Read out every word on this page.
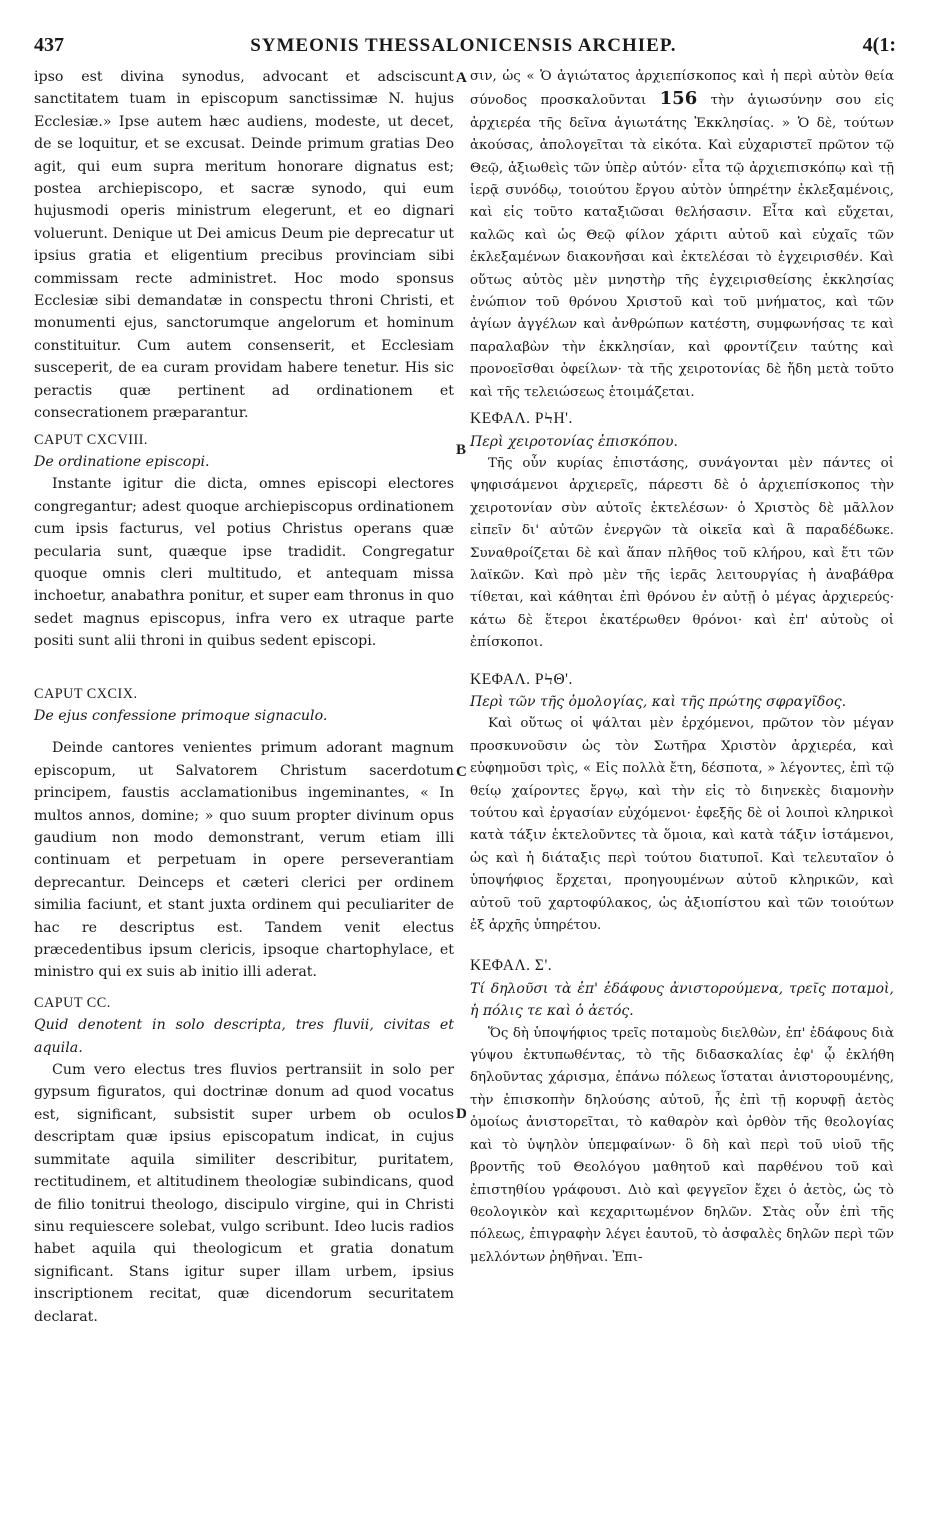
437	SYMEONIS THESSALONICENSIS ARCHIEP.	4(1:
A
B
C
D

ipso est divina synodus, advocant et adsciscunt sanctitatem tuam in episcopum sanctissimæ N. hujus Ecclesiæ.» Ipse autem hæc audiens, modeste, ut decet, de se loquitur, et se excusat. Deinde primum gratias Deo agit, qui eum supra meritum honorare dignatus est; postea archiepiscopo, et sacræ synodo, qui eum hujusmodi operis ministrum elegerunt, et eo dignari voluerunt. Denique ut Dei amicus Deum pie deprecatur ut ipsius gratia et eligentium precibus provinciam sibi commissam recte administret. Hoc modo sponsus Ecclesiæ sibi demandatæ in conspectu throni Christi, et monumenti ejus, sanctorumque angelorum et hominum constituitur. Cum autem consenserit, et Ecclesiam susceperit, de ea curam providam habere tenetur. His sic peractis quæ pertinent ad ordinationem et consecrationem præparantur.

CAPUT CXCVIII.

De ordinatione episcopi.

Instante igitur die dicta, omnes episcopi electores congregantur; adest quoque archiepiscopus ordinationem cum ipsis facturus, vel potius Christus operans quæ pecularia sunt, quæque ipse tradidit. Congregatur quoque omnis cleri multitudo, et antequam missa inchoetur, anabathra ponitur, et super eam thronus in quo sedet magnus episcopus, infra vero ex utraque parte positi sunt alii throni in quibus sedent episcopi.

CAPUT CXCIX.

De ejus confessione primoque signaculo.

Deinde cantores venientes primum adorant magnum episcopum, ut Salvatorem Christum sacerdotum principem, faustis acclamationibus ingeminantes, « In multos annos, domine; » quo suum propter divinum opus gaudium non modo demonstrant, verum etiam illi continuam et perpetuam in opere perseverantiam deprecantur. Deinceps et cæteri clerici per ordinem similia faciunt, et stant juxta ordinem qui peculiariter de hac re descriptus est. Tandem venit electus præcedentibus ipsum clericis, ipsoque chartophylace, et ministro qui ex suis ab initio illi aderat.

CAPUT CC.

Quid denotent in solo descripta, tres fluvii, civitas et aquila.

Cum vero electus tres fluvios pertransiit in solo per gypsum figuratos, qui doctrinæ donum ad quod vocatus est, significant, subsistit super urbem ob oculos descriptam quæ ipsius episcopatum indicat, in cujus summitate aquila similiter describitur, puritatem, rectitudinem, et altitudinem theologiæ subindicans, quod de filio tonitrui theologo, discipulo virgine, qui in Christi sinu requiescere solebat, vulgo scribunt. Ideo lucis radios habet aquila qui theologicum et gratia donatum significant. Stans igitur super illam urbem, ipsius inscriptionem recitat, quæ dicendorum securitatem declarat.

σιν, ὡς « Ὁ ἁγιώτατος ἀρχιεπίσκοπος καὶ ἡ περὶ αὐτὸν θεία σύνοδος προσκαλοῦνται 156 τὴν ἁγιωσύνην σου εἰς ἀρχιερέα τῆς δεῖνα ἁγιωτάτης Ἐκκλησίας. » Ὁ δὲ, τούτων ἀκούσας, ἀπολογεῖται τὰ εἰκότα. Καὶ εὐχαριστεῖ πρῶτον τῷ Θεῷ, ἀξιωθεὶς τῶν ὑπὲρ αὐτόν· εἶτα τῷ ἀρχιεπισκόπῳ καὶ τῇ ἱερᾷ συνόδῳ, τοιούτου ἔργου αὐτὸν ὑπηρέτην ἐκλεξαμένοις, καὶ εἰς τοῦτο καταξιῶσαι θελήσασιν. Εἶτα καὶ εὔχεται, καλῶς καὶ ὡς Θεῷ φίλον χάριτι αὐτοῦ καὶ εὐχαῖς τῶν ἐκλεξαμένων διακονῆσαι καὶ ἐκτελέσαι τὸ ἐγχειρισθέν. Καὶ οὕτως αὐτὸς μὲν μνηστὴρ τῆς ἐγχειρισθείσης ἐκκλησίας ἐνώπιον τοῦ θρόνου Χριστοῦ καὶ τοῦ μνήματος, καὶ τῶν ἁγίων ἀγγέλων καὶ ἀνθρώπων κατέστη, συμφωνήσας τε καὶ παραλαβὼν τὴν ἐκκλησίαν, καὶ φροντίζειν ταύτης καὶ προνοεῖσθαι ὀφείλων· τὰ τῆς χειροτονίας δὲ ἤδη μετὰ τοῦτο καὶ τῆς τελειώσεως ἑτοιμάζεται.

ΚΕΦΑΛ. ΡϞΗ'.

Περὶ χειροτονίας ἐπισκόπου.

Τῆς οὖν κυρίας ἐπιστάσης, συνάγονται μὲν πάντες οἱ ψηφισάμενοι ἀρχιερεῖς, πάρεστι δὲ ὁ ἀρχιεπίσκοπος τὴν χειροτονίαν σὺν αὐτοῖς ἐκτελέσων· ὁ Χριστὸς δὲ μᾶλλον εἰπεῖν δι' αὐτῶν ἐνεργῶν τὰ οἰκεῖα καὶ ἃ παραδέδωκε. Συναθροίζεται δὲ καὶ ἅπαν πλῆθος τοῦ κλήρου, καὶ ἔτι τῶν λαϊκῶν. Καὶ πρὸ μὲν τῆς ἱερᾶς λειτουργίας ἡ ἀναβάθρα τίθεται, καὶ κάθηται ἐπὶ θρόνου ἐν αὐτῇ ὁ μέγας ἀρχιερεύς· κάτω δὲ ἕτεροι ἑκατέρωθεν θρόνοι· καὶ ἐπ' αὐτοὺς οἱ ἐπίσκοποι.

ΚΕΦΑΛ. ΡϞΘ'.

Περὶ τῶν τῆς ὁμολογίας, καὶ τῆς πρώτης σφραγῖδος.

Καὶ οὕτως οἱ ψάλται μὲν ἐρχόμενοι, πρῶτον τὸν μέγαν προσκυνοῦσιν ὡς τὸν Σωτῆρα Χριστὸν ἀρχιερέα, καὶ εὐφημοῦσι τρὶς, « Εἰς πολλὰ ἔτη, δέσποτα, » λέγοντες, ἐπὶ τῷ θείῳ χαίροντες ἔργῳ, καὶ τὴν εἰς τὸ διηνεκὲς διαμονὴν τούτου καὶ ἐργασίαν εὐχόμενοι· ἐφεξῆς δὲ οἱ λοιποὶ κληρικοὶ κατὰ τάξιν ἐκτελοῦντες τὰ ὅμοια, καὶ κατὰ τάξιν ἱστάμενοι, ὡς καὶ ἡ διάταξις περὶ τούτου διατυποῖ. Καὶ τελευταῖον ὁ ὑποψήφιος ἔρχεται, προηγουμένων αὐτοῦ κληρικῶν, καὶ αὐτοῦ τοῦ χαρτοφύλακος, ὡς ἀξιοπίστου καὶ τῶν τοιούτων ἐξ ἀρχῆς ὑπηρέτου.

ΚΕΦΑΛ. Σ'.

Τί δηλοῦσι τὰ ἐπ' ἐδάφους ἀνιστορούμενα, τρεῖς ποταμοὶ, ἡ πόλις τε καὶ ὁ ἀετός.

Ὅς δὴ ὑποψήφιος τρεῖς ποταμοὺς διελθὼν, ἐπ' ἐδάφους διὰ γύψου ἐκτυπωθέντας, τὸ τῆς διδασκαλίας ἐφ' ᾧ ἐκλήθη δηλοῦντας χάρισμα, ἐπάνω πόλεως ἵσταται ἀνιστορουμένης, τὴν ἐπισκοπὴν δηλούσης αὐτοῦ, ἧς ἐπὶ τῇ κορυφῇ ἀετὸς ὁμοίως ἀνιστορεῖται, τὸ καθαρὸν καὶ ὀρθὸν τῆς θεολογίας καὶ τὸ ὑψηλὸν ὑπεμφαίνων· ὃ δὴ καὶ περὶ τοῦ υἱοῦ τῆς βροντῆς τοῦ Θεολόγου μαθητοῦ καὶ παρθένου τοῦ καὶ ἐπιστηθίου γράφουσι. Διὸ καὶ φεγγεῖον ἔχει ὁ ἀετὸς, ὡς τὸ θεολογικὸν καὶ κεχαριτωμένον δηλῶν. Στὰς οὖν ἐπὶ τῆς πόλεως, ἐπιγραφὴν λέγει ἑαυτοῦ, τὸ ἀσφαλὲς δηλῶν περὶ τῶν μελλόντων ῥηθῆναι. Ἐπι-
